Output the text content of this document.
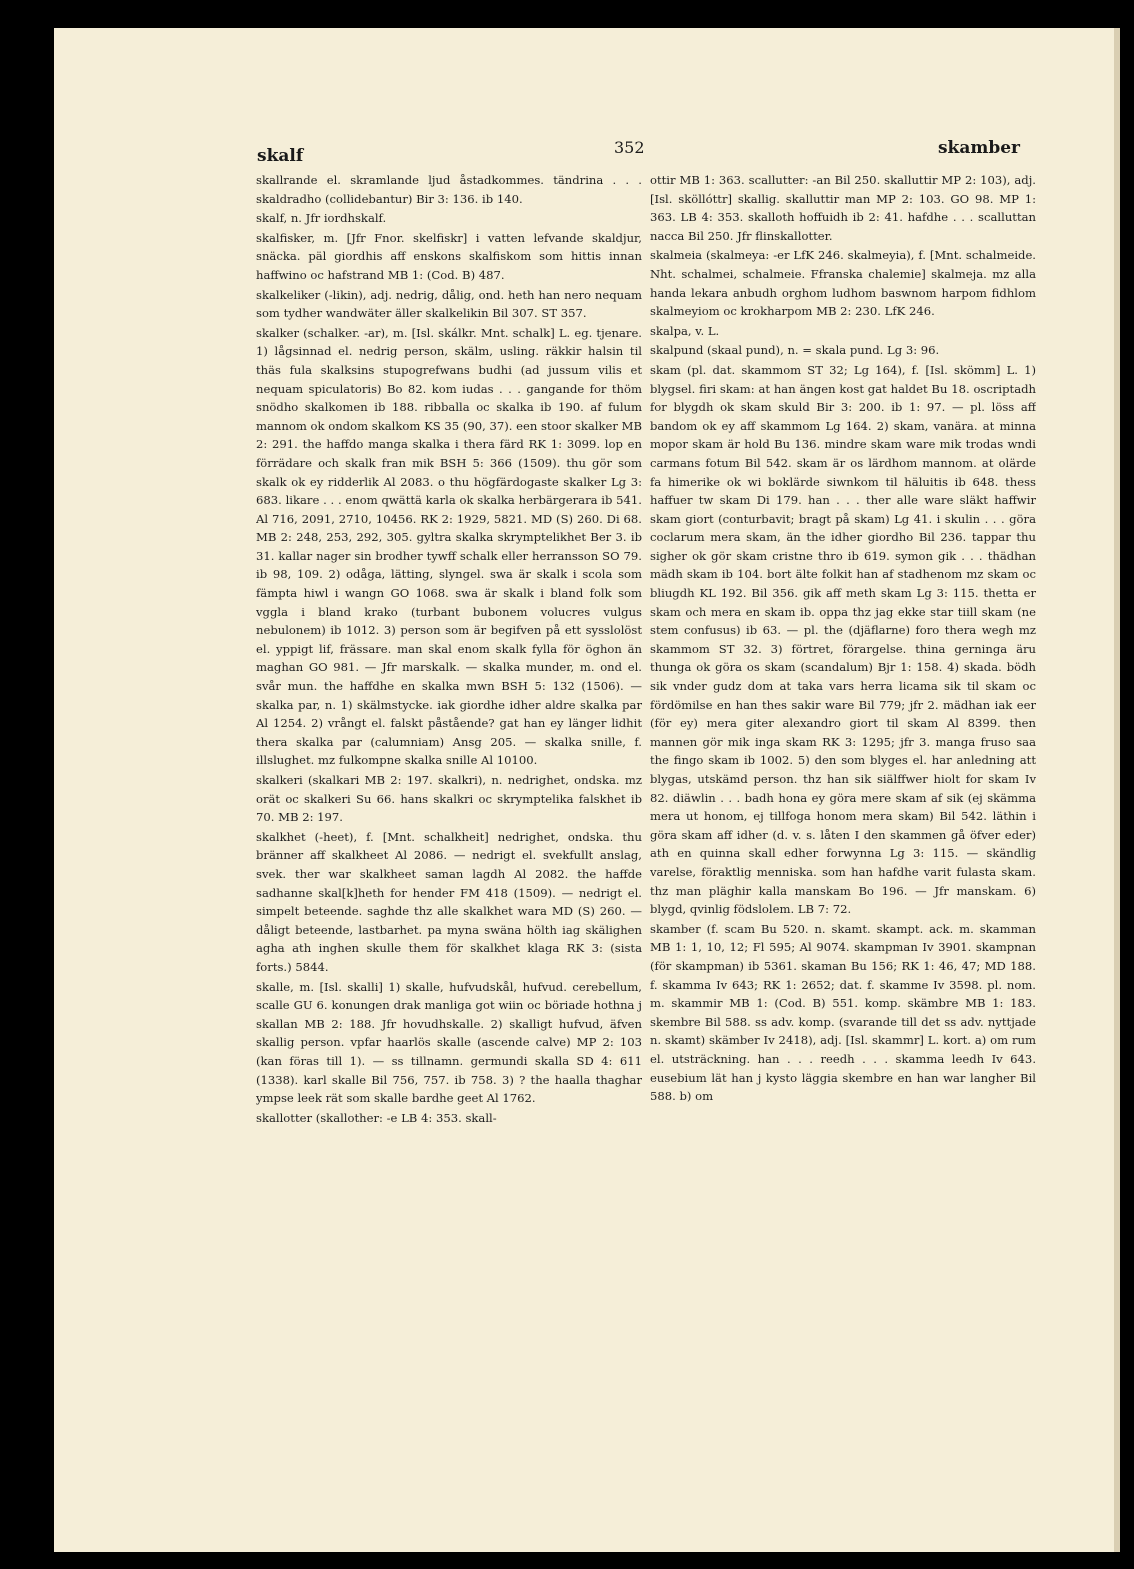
skalf	352	skamber

skallrande el. skramlande ljud åstadkommes. tändrina . . . skaldradho (collidebantur) Bir 3: 136. ib 140.

skalf, n. Jfr iordhskalf.

skalfisker, m. [Jfr Fnor. skelfiskr] i vatten lefvande skaldjur, snäcka. päl giordhis aff enskons skalfiskom som hittis innan haffwino oc hafstrand MB 1: (Cod. B) 487.

skalkeliker (-likin), adj. nedrig, dålig, ond. heth han nero nequam som tydher wandwäter äller skalkelikin Bil 307. ST 357.

skalker (schalker. -ar), m. [Isl. skálkr. Mnt. schalk] L. eg. tjenare. 1) lågsinnad el. nedrig person, skälm, usling. räkkir halsin til thäs fula skalksins stupogrefwans budhi (ad jussum vilis et nequam spiculatoris) Bo 82. kom iudas . . . gangande for thöm snödho skalkomen ib 188. ribballa oc skalka ib 190. af fulum mannom ok ondom skalkom KS 35 (90, 37). een stoor skalker MB 2: 291. the haffdo manga skalka i thera färd RK 1: 3099. lop en förrädare och skalk fran mik BSH 5: 366 (1509). thu gör som skalk ok ey ridderlik Al 2083. o thu högfärdogaste skalker Lg 3: 683. likare . . . enom qwättä karla ok skalka herbärgerara ib 541. Al 716, 2091, 2710, 10456. RK 2: 1929, 5821. MD (S) 260. Di 68. MB 2: 248, 253, 292, 305. gyltra skalka skrymptelikhet Ber 3. ib 31. kallar nager sin brodher tywff schalk eller herransson SO 79. ib 98, 109. 2) odåga, lätting, slyngel. swa är skalk i scola som fämpta hiwl i wangn GO 1068. swa är skalk i bland folk som vggla i bland krako (turbant bubonem volucres vulgus nebulonem) ib 1012. 3) person som är begifven på ett sysslolöst el. yppigt lif, frässare. man skal enom skalk fylla för öghon än maghan GO 981. — Jfr marskalk. — skalka munder, m. ond el. svår mun. the haffdhe en skalka mwn BSH 5: 132 (1506). — skalka par, n. 1) skälmstycke. iak giordhe idher aldre skalka par Al 1254. 2) vrångt el. falskt påstående? gat han ey länger lidhit thera skalka par (calumniam) Ansg 205. — skalka snille, f. illslughet. mz fulkompne skalka snille Al 10100.

skalkeri (skalkari MB 2: 197. skalkri), n. nedrighet, ondska. mz orät oc skalkeri Su 66. hans skalkri oc skrymptelika falskhet ib 70. MB 2: 197.

skalkhet (-heet), f. [Mnt. schalkheit] nedrighet, ondska. thu bränner aff skalkheet Al 2086. — nedrigt el. svekfullt anslag, svek. ther war skalkheet saman lagdh Al 2082. the haffde sadhanne skal[k]heth for hender FM 418 (1509). — nedrigt el. simpelt beteende. saghde thz alle skalkhet wara MD (S) 260. — dåligt beteende, lastbarhet. pa myna swäna hölth iag skälighen agha ath inghen skulle them för skalkhet klaga RK 3: (sista forts.) 5844.

skalle, m. [Isl. skalli] 1) skalle, hufvudskål, hufvud. cerebellum, scalle GU 6. konungen drak manliga got wiin oc böriade hothna j skallan MB 2: 188. Jfr hovudhskalle. 2) skalligt hufvud, äfven skallig person. vpfar haarlös skalle (ascende calve) MP 2: 103 (kan föras till 1). — ss tillnamn. germundi skalla SD 4: 611 (1338). karl skalle Bil 756, 757. ib 758. 3) ? the haalla thaghar ympse leek rät som skalle bardhe geet Al 1762.

skallotter (skallother: -e LB 4: 353. skall-

ottir MB 1: 363. scallutter: -an Bil 250. skalluttir MP 2: 103), adj. [Isl. sköllóttr] skallig. skalluttir man MP 2: 103. GO 98. MP 1: 363. LB 4: 353. skalloth hoffuidh ib 2: 41. hafdhe . . . scalluttan nacca Bil 250. Jfr flinskallotter.

skalmeia (skalmeya: -er LfK 246. skalmeyia), f. [Mnt. schalmeide. Nht. schalmei, schalmeie. Ffranska chalemie] skalmeja. mz alla handa lekara anbudh orghom ludhom baswnom harpom fidhlom skalmeyiom oc krokharpom MB 2: 230. LfK 246.

skalpa, v. L.

skalpund (skaal pund), n. = skala pund. Lg 3: 96.

skam (pl. dat. skammom ST 32; Lg 164), f. [Isl. skömm] L. 1) blygsel. firi skam: at han ängen kost gat haldet Bu 18. oscriptadh for blygdh ok skam skuld Bir 3: 200. ib 1: 97. — pl. löss aff bandom ok ey aff skammom Lg 164. 2) skam, vanära. at minna mopor skam är hold Bu 136. mindre skam ware mik trodas wndi carmans fotum Bil 542. skam är os lärdhom mannom. at olärde fa himerike ok wi boklärde siwnkom til häluitis ib 648. thess haffuer tw skam Di 179. han . . . ther alle ware släkt haffwir skam giort (conturbavit; bragt på skam) Lg 41. i skulin . . . göra coclarum mera skam, än the idher giordho Bil 236. tappar thu sigher ok gör skam cristne thro ib 619. symon gik . . . thädhan mädh skam ib 104. bort älte folkit han af stadhenom mz skam oc bliugdh KL 192. Bil 356. gik aff meth skam Lg 3: 115. thetta er skam och mera en skam ib. oppa thz jag ekke star tiill skam (ne stem confusus) ib 63. — pl. the (djäflarne) foro thera wegh mz skammom ST 32. 3) förtret, förargelse. thina gerninga äru thunga ok göra os skam (scandalum) Bjr 1: 158. 4) skada. bödh sik vnder gudz dom at taka vars herra licama sik til skam oc fördömilse en han thes sakir ware Bil 779; jfr 2. mädhan iak eer (för ey) mera giter alexandro giort til skam Al 8399. then mannen gör mik inga skam RK 3: 1295; jfr 3. manga fruso saa the fingo skam ib 1002. 5) den som blyges el. har anledning att blygas, utskämd person. thz han sik siälffwer hiolt for skam Iv 82. diäwlin . . . badh hona ey göra mere skam af sik (ej skämma mera ut honom, ej tillfoga honom mera skam) Bil 542. läthin i göra skam aff idher (d. v. s. låten I den skammen gå öfver eder) ath en quinna skall edher forwynna Lg 3: 115. — skändlig varelse, föraktlig menniska. som han hafdhe varit fulasta skam. thz man pläghir kalla manskam Bo 196. — Jfr manskam. 6) blygd, qvinlig födslolem. LB 7: 72.

skamber (f. scam Bu 520. n. skamt. skampt. ack. m. skamman MB 1: 1, 10, 12; Fl 595; Al 9074. skampman Iv 3901. skampnan (för skampman) ib 5361. skaman Bu 156; RK 1: 46, 47; MD 188. f. skamma Iv 643; RK 1: 2652; dat. f. skamme Iv 3598. pl. nom. m. skammir MB 1: (Cod. B) 551. komp. skämbre MB 1: 183. skembre Bil 588. ss adv. komp. (svarande till det ss adv. nyttjade n. skamt) skämber Iv 2418), adj. [Isl. skammr] L. kort. a) om rum el. utsträckning. han . . . reedh . . . skamma leedh Iv 643. eusebium lät han j kysto läggia skembre en han war langher Bil 588. b) om
